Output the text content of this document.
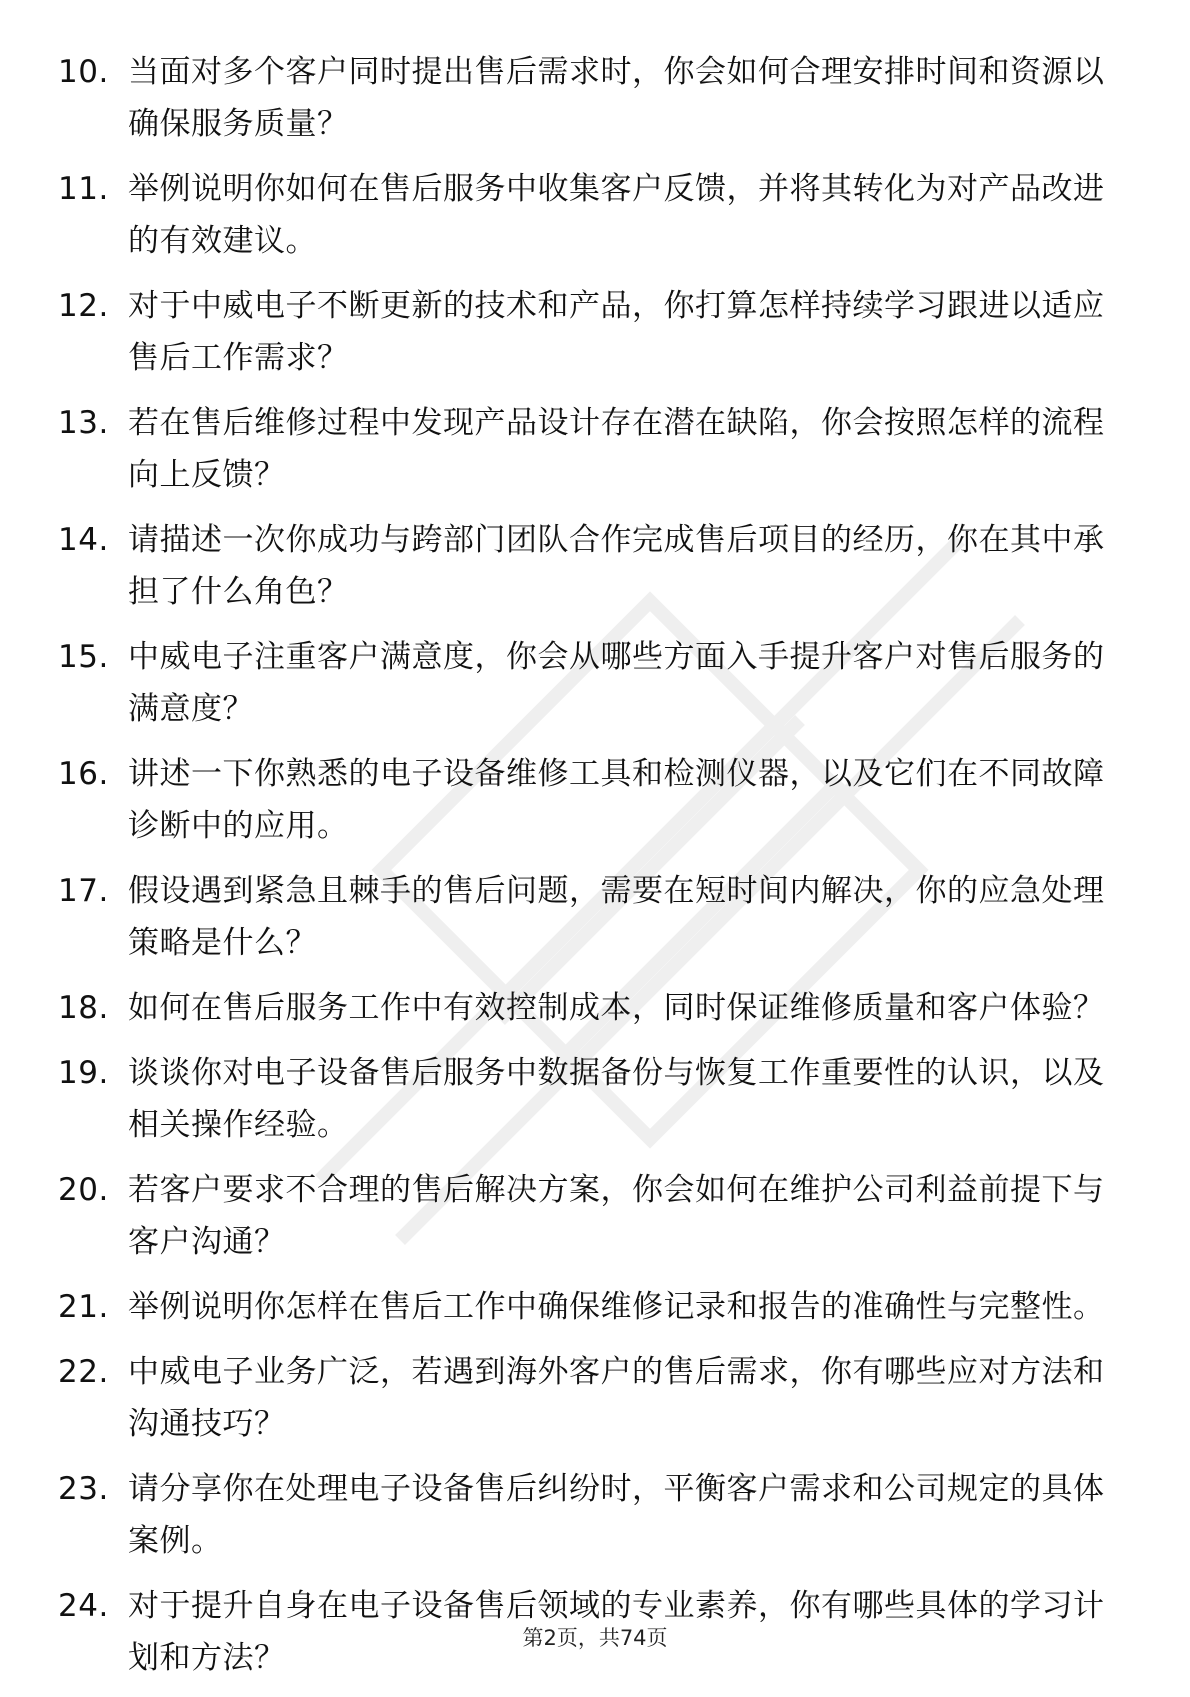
10. 当面对多个客户同时提出售后需求时，你会如何合理安排时间和资源以确保服务质量？
11. 举例说明你如何在售后服务中收集客户反馈，并将其转化为对产品改进的有效建议。
12. 对于中威电子不断更新的技术和产品，你打算怎样持续学习跟进以适应售后工作需求？
13. 若在售后维修过程中发现产品设计存在潜在缺陷，你会按照怎样的流程向上反馈？
14. 请描述一次你成功与跨部门团队合作完成售后项目的经历，你在其中承担了什么角色？
15. 中威电子注重客户满意度，你会从哪些方面入手提升客户对售后服务的满意度？
16. 讲述一下你熟悉的电子设备维修工具和检测仪器，以及它们在不同故障诊断中的应用。
17. 假设遇到紧急且棘手的售后问题，需要在短时间内解决，你的应急处理策略是什么？
18. 如何在售后服务工作中有效控制成本，同时保证维修质量和客户体验？
19. 谈谈你对电子设备售后服务中数据备份与恢复工作重要性的认识，以及相关操作经验。
20. 若客户要求不合理的售后解决方案，你会如何在维护公司利益前提下与客户沟通？
21. 举例说明你怎样在售后工作中确保维修记录和报告的准确性与完整性。
22. 中威电子业务广泛，若遇到海外客户的售后需求，你有哪些应对方法和沟通技巧？
23. 请分享你在处理电子设备售后纠纷时，平衡客户需求和公司规定的具体案例。
24. 对于提升自身在电子设备售后领域的专业素养，你有哪些具体的学习计划和方法？
第2页，共74页
